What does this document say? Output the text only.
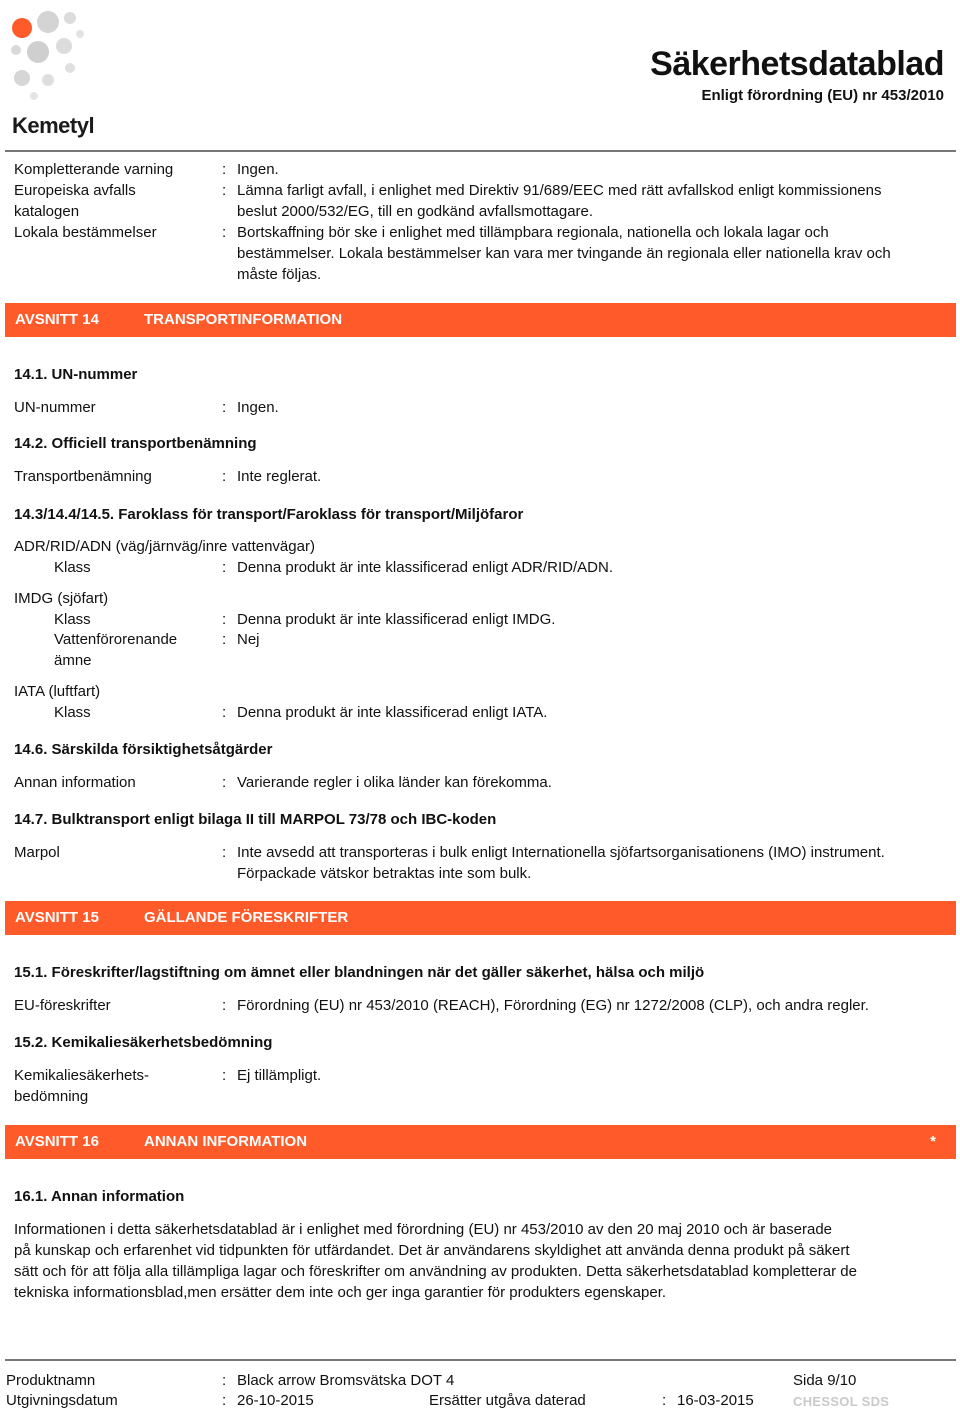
Kemetyl
Säkerhetsdatablad
Enligt förordning (EU) nr 453/2010
Kompletterande varning	: Ingen.
Europeiska avfalls
katalogen
: Lämna farligt avfall, i enlighet med Direktiv 91/689/EEC med rätt avfallskod enligt kommissionens
beslut 2000/532/EG, till en godkänd avfallsmottagare.
Lokala bestämmelser	: Bortskaffning bör ske i enlighet med tillämpbara regionala, nationella och lokala lagar och
bestämmelser. Lokala bestämmelser kan vara mer tvingande än regionala eller nationella krav och
måste följas.
AVSNITT 14	TRANSPORTINFORMATION
14.1. UN-nummer
UN-nummer	: Ingen.
14.2. Officiell transportbenämning
Transportbenämning	: Inte reglerat.
14.3/14.4/14.5. Faroklass för transport/Faroklass för transport/Miljöfaror
ADR/RID/ADN (väg/järnväg/inre vattenvägar)
Klass	: Denna produkt är inte klassificerad enligt ADR/RID/ADN.
IMDG (sjöfart)
Klass	: Denna produkt är inte klassificerad enligt IMDG.
Vattenförorenande
ämne
: Nej
IATA (luftfart)
Klass	: Denna produkt är inte klassificerad enligt IATA.
14.6. Särskilda försiktighetsåtgärder
Annan information	: Varierande regler i olika länder kan förekomma.
14.7. Bulktransport enligt bilaga II till MARPOL 73/78 och IBC-koden
Marpol	: Inte avsedd att transporteras i bulk enligt Internationella sjöfartsorganisationens (IMO) instrument.
Förpackade vätskor betraktas inte som bulk.
AVSNITT 15	GÄLLANDE FÖRESKRIFTER
15.1. Föreskrifter/lagstiftning om ämnet eller blandningen när det gäller säkerhet, hälsa och miljö
EU-föreskrifter	: Förordning (EU) nr 453/2010 (REACH), Förordning (EG) nr 1272/2008 (CLP), och andra regler.
15.2. Kemikaliesäkerhetsbedömning
Kemikaliesäkerhets-
bedömning
: Ej tillämpligt.
AVSNITT 16	ANNAN INFORMATION	*
16.1. Annan information
Informationen i detta säkerhetsdatablad är i enlighet med förordning (EU) nr 453/2010 av den 20 maj 2010 och är baserade
på kunskap och erfarenhet vid tidpunkten för utfärdandet. Det är användarens skyldighet att använda denna produkt på säkert
sätt och för att följa alla tillämpliga lagar och föreskrifter om användning av produkten. Detta säkerhetsdatablad kompletterar de
tekniska informationsblad,men ersätter dem inte och ger inga garantier för produkters egenskaper.
Produktnamn	: Black arrow Bromsvätska DOT 4	Sida 9/10
Utgivningsdatum	: 26-10-2015	Ersätter utgåva daterad	: 16-03-2015	CHESSOL SDS
